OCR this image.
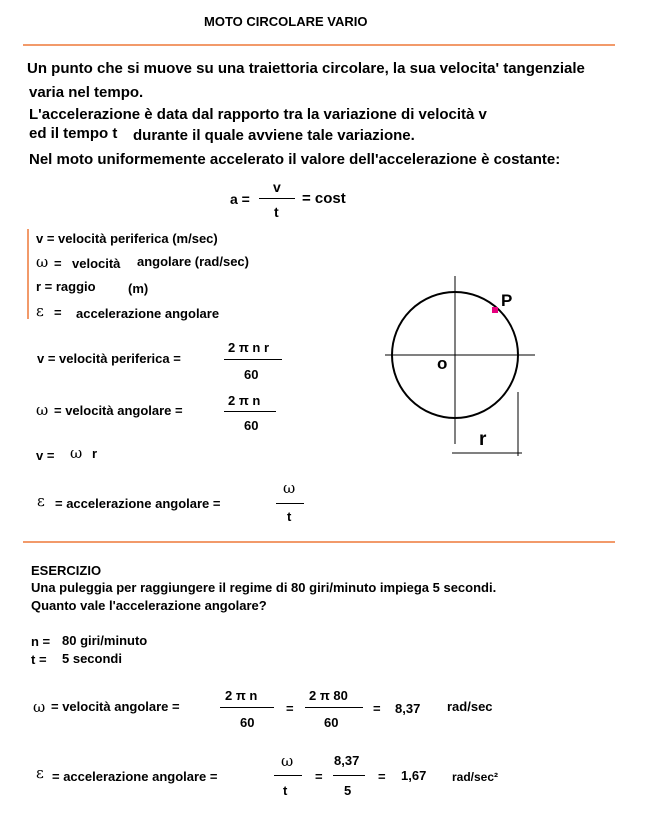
MOTO CIRCOLARE VARIO
Un punto che si muove su una traiettoria circolare, la sua velocita' tangenziale
varia nel tempo.
L'accelerazione è data dal rapporto tra la variazione di velocità v
ed il tempo t durante il quale avviene tale variazione.
Nel moto uniformemente accelerato il valore dell'accelerazione è costante:
a =
v
t
= cost
v = velocità periferica (m/sec)
ω = velocità angolare (rad/sec)
r = raggio (m)
ε = accelerazione angolare
v = velocità periferica =
2 π n r
60
ω = velocità angolare =
2 π n
60
v = ω r
ε = accelerazione angolare =
ω
t
P
o
r
ESERCIZIO
Una puleggia per raggiungere il regime di 80 giri/minuto impiega 5 secondi.
Quanto vale l'accelerazione angolare?
n = 80 giri/minuto
t = 5 secondi
ω = velocità angolare =
2 π n
60
=
2 π 80
60
= 8,37 rad/sec
ε = accelerazione angolare =
ω
t
=
8,37
5
= 1,67 rad/sec²
